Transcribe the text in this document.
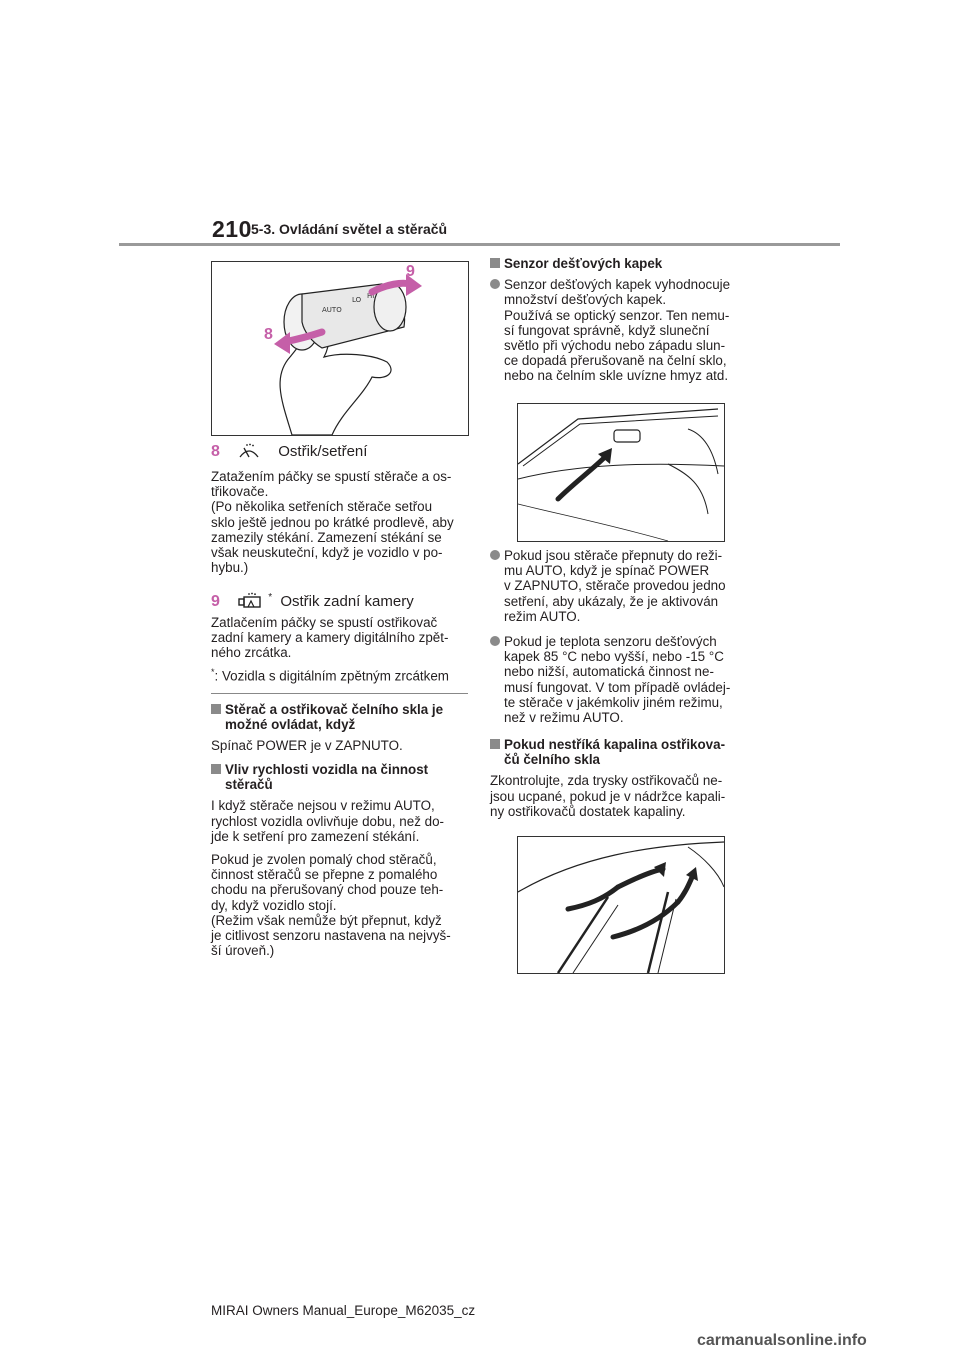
210 5-3. Ovládání světel a stěračů
AUTO
LO HI
8
9
8	Ostřik/setření

Zatažením páčky se spustí stěrače a os-

třikovače.

(Po několika setřeních stěrače setřou

sklo ještě jednou po krátké prodlevě, aby

zamezily stékání. Zamezení stékání se

však neuskuteční, když je vozidlo v po-

hybu.)

9	* Ostřik zadní kamery

Zatlačením páčky se spustí ostřikovač

zadní kamery a kamery digitálního zpět-

ného zrcátka.

*: Vozidla s digitálním zpětným zrcátkem

Stěrač a ostřikovač čelního skla je
možné ovládat, když

Spínač POWER je v ZAPNUTO.

Vliv rychlosti vozidla na činnost
stěračů

I když stěrače nejsou v režimu AUTO,

rychlost vozidla ovlivňuje dobu, než do-

jde k setření pro zamezení stékání.

Pokud je zvolen pomalý chod stěračů,

činnost stěračů se přepne z pomalého

chodu na přerušovaný chod pouze teh-

dy, když vozidlo stojí.

(Režim však nemůže být přepnut, když

je citlivost senzoru nastavena na nejvyš-

ší úroveň.)

Senzor dešťových kapek

Senzor dešťových kapek vyhodnocuje

množství dešťových kapek.

Používá se optický senzor. Ten nemu-

sí fungovat správně, když sluneční

světlo při východu nebo západu slun-

ce dopadá přerušovaně na čelní sklo,

nebo na čelním skle uvízne hmyz atd.

Pokud jsou stěrače přepnuty do reži-

mu AUTO, když je spínač POWER

v ZAPNUTO, stěrače provedou jedno

setření, aby ukázaly, že je aktivován

režim AUTO.

Pokud je teplota senzoru dešťových

kapek 85 °C nebo vyšší, nebo -15 °C

nebo nižší, automatická činnost ne-

musí fungovat. V tom případě ovládej-

te stěrače v jakémkoliv jiném režimu,

než v režimu AUTO.

Pokud nestříká kapalina ostřikova-
čů čelního skla

Zkontrolujte, zda trysky ostřikovačů ne-

jsou ucpané, pokud je v nádržce kapali-

ny ostřikovačů dostatek kapaliny.

MIRAI Owners Manual_Europe_M62035_cz
carmanualsonline.info
